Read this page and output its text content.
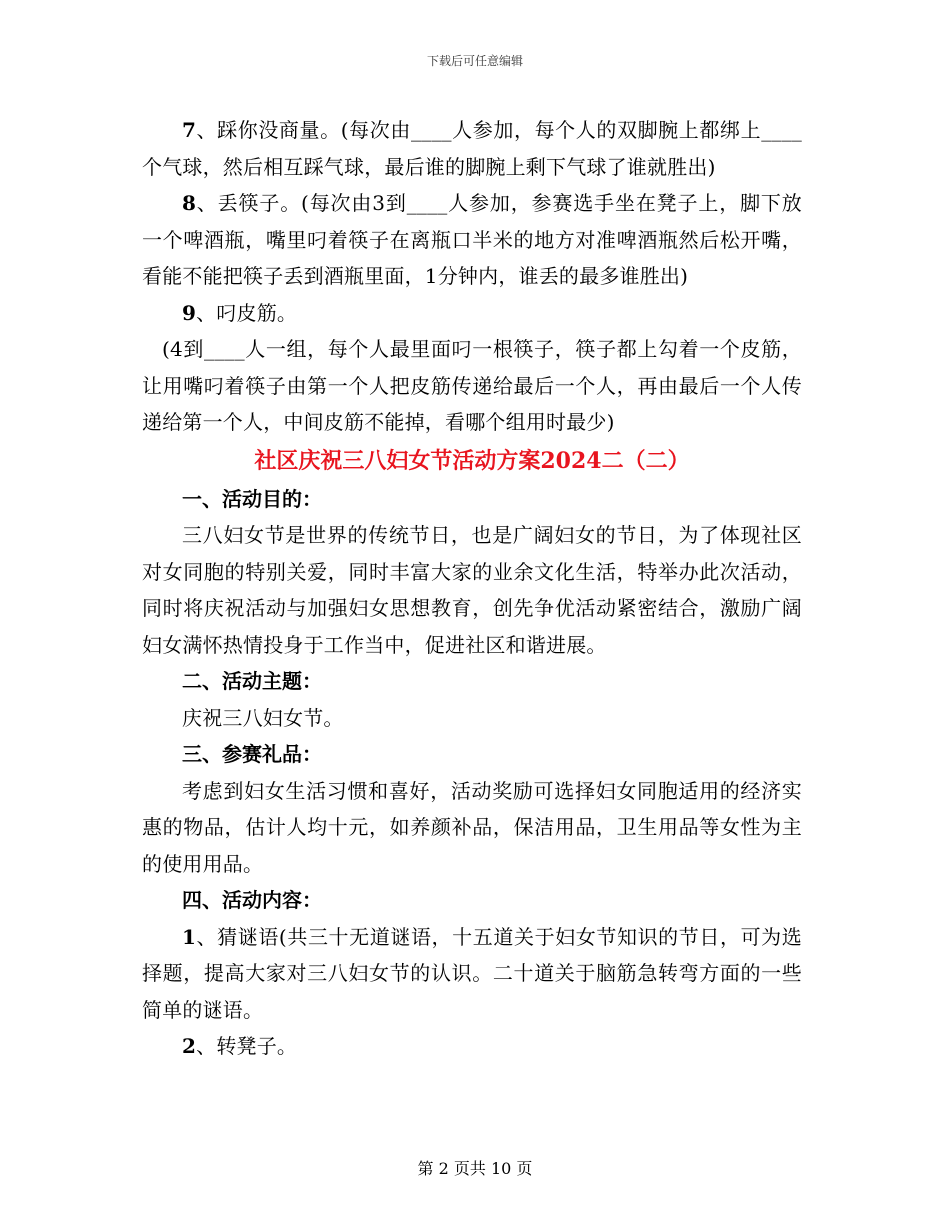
下载后可任意编辑

7、踩你没商量。(每次由____人参加，每个人的双脚腕上都绑上____个气球，然后相互踩气球，最后谁的脚腕上剩下气球了谁就胜出)

8、丢筷子。(每次由3到____人参加，参赛选手坐在凳子上，脚下放一个啤酒瓶，嘴里叼着筷子在离瓶口半米的地方对准啤酒瓶然后松开嘴，看能不能把筷子丢到酒瓶里面，1分钟内，谁丢的最多谁胜出)

9、叼皮筋。

(4到____人一组，每个人最里面叼一根筷子，筷子都上勾着一个皮筋，让用嘴叼着筷子由第一个人把皮筋传递给最后一个人，再由最后一个人传递给第一个人，中间皮筋不能掉，看哪个组用时最少)

社区庆祝三八妇女节活动方案2024二（二）

一、活动目的：

三八妇女节是世界的传统节日，也是广阔妇女的节日，为了体现社区对女同胞的特别关爱，同时丰富大家的业余文化生活，特举办此次活动，同时将庆祝活动与加强妇女思想教育，创先争优活动紧密结合，激励广阔妇女满怀热情投身于工作当中，促进社区和谐进展。

二、活动主题：

庆祝三八妇女节。

三、参赛礼品：

考虑到妇女生活习惯和喜好，活动奖励可选择妇女同胞适用的经济实惠的物品，估计人均十元，如养颜补品，保洁用品，卫生用品等女性为主的使用用品。

四、活动内容：

1、猜谜语(共三十无道谜语，十五道关于妇女节知识的节日，可为选择题，提高大家对三八妇女节的认识。二十道关于脑筋急转弯方面的一些简单的谜语。

2、转凳子。

第 2 页共 10 页
